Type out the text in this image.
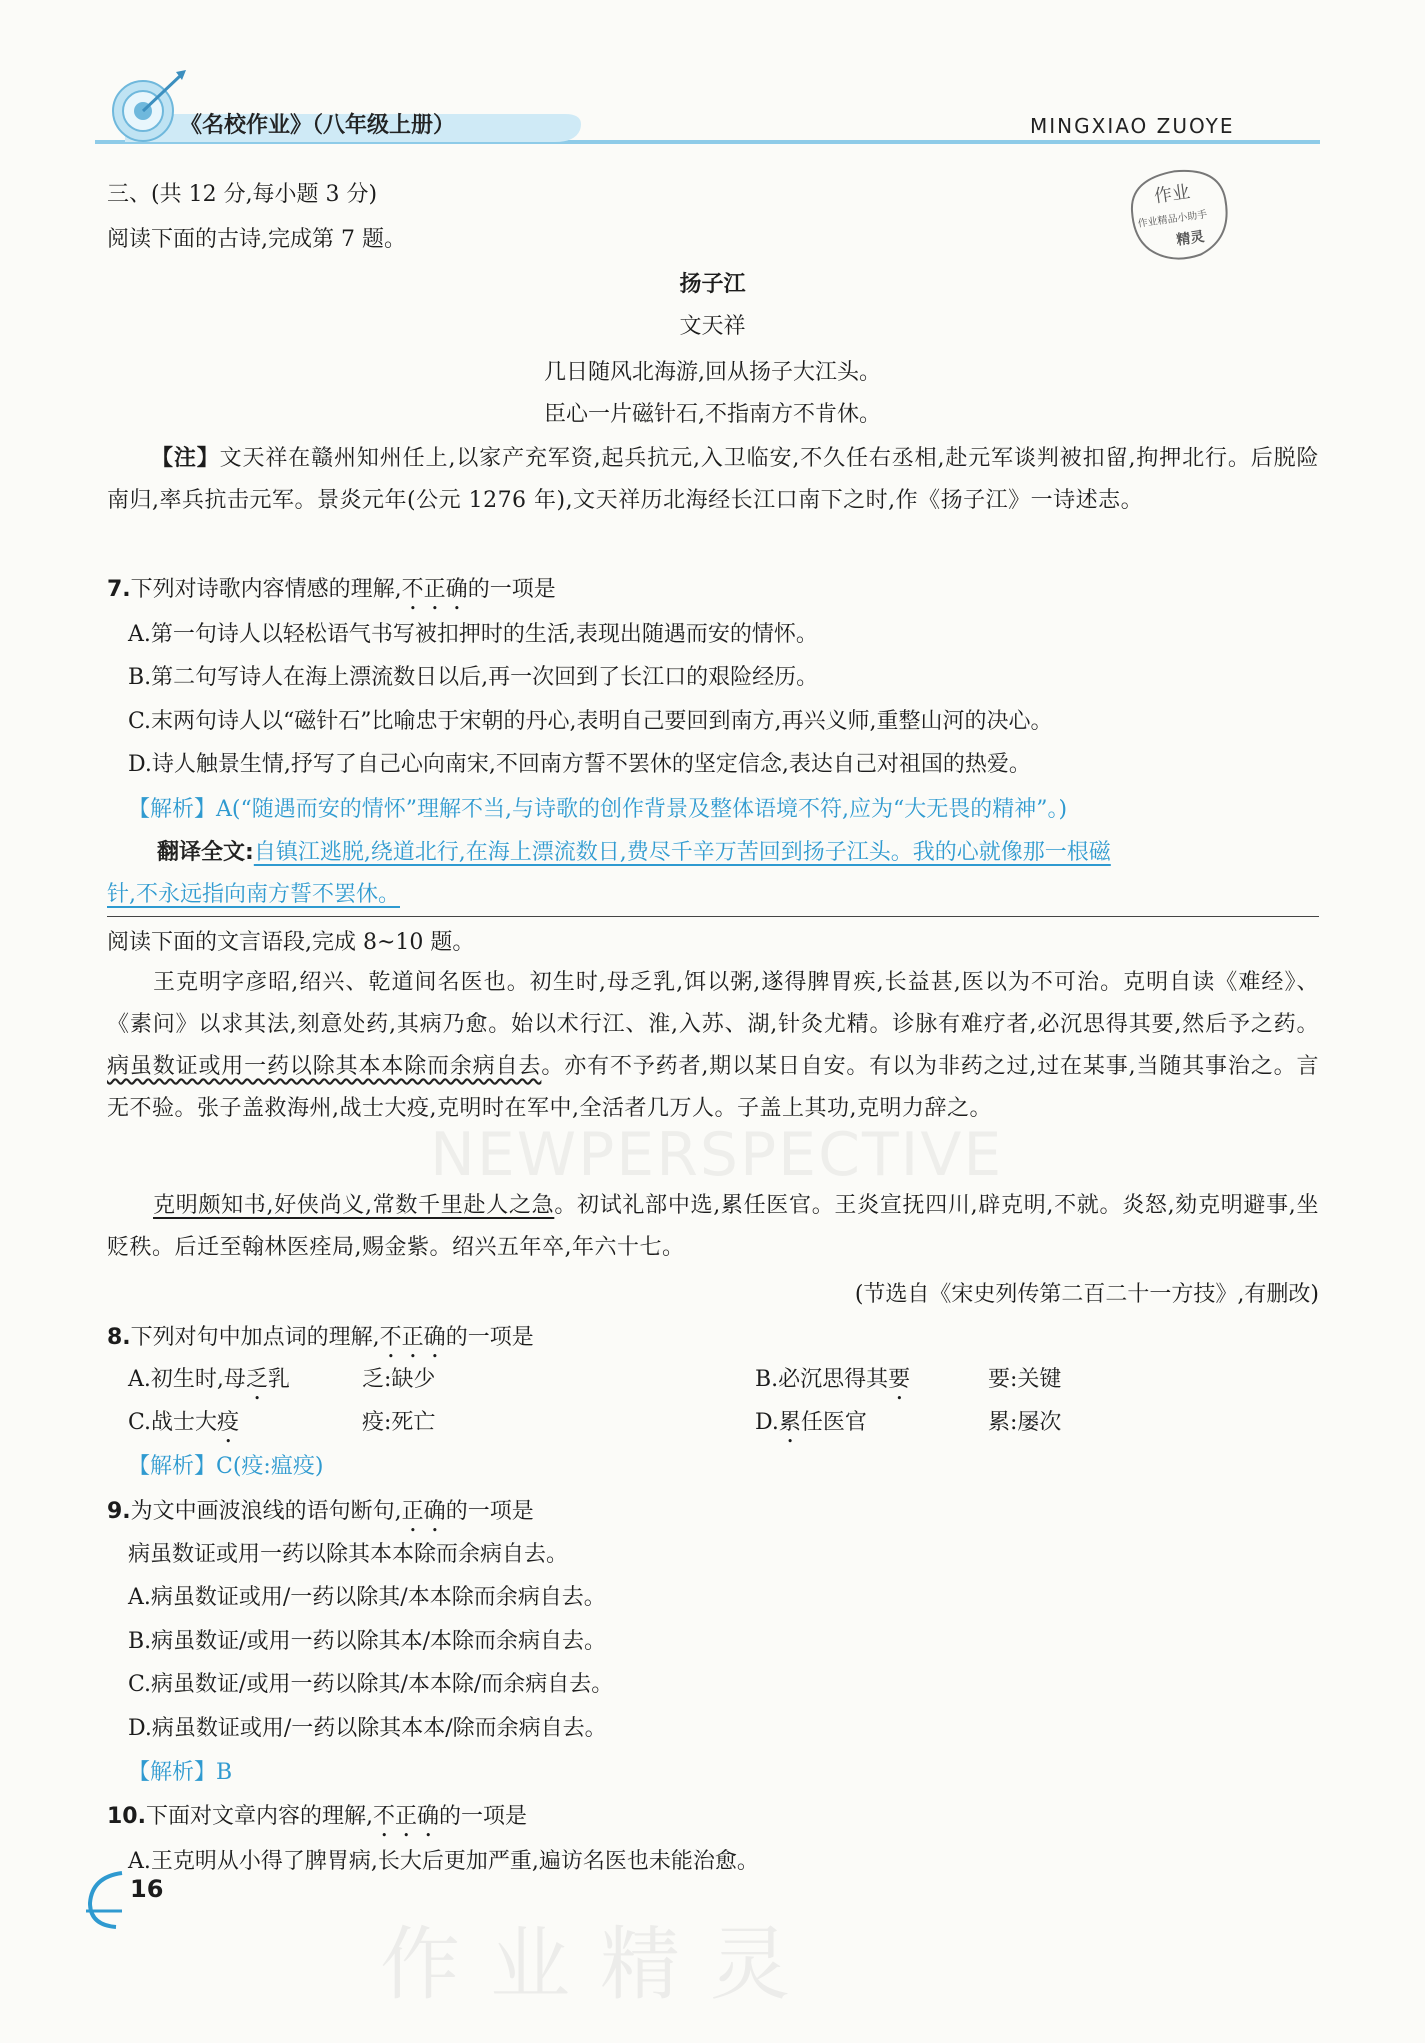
《名校作业》（八年级上册）	MINGXIAO ZUOYE
作业
作业精品小助手
精灵
NEWPERSPECTIVE
作业精灵
三、(共 12 分,每小题 3 分)
阅读下面的古诗,完成第 7 题。
扬子江
文天祥
几日随风北海游,回从扬子大江头。
臣心一片磁针石,不指南方不肯休。
【注】文天祥在赣州知州任上,以家产充军资,起兵抗元,入卫临安,不久任右丞相,赴元军谈判被扣留,拘押北行。后脱险南归,率兵抗击元军。景炎元年(公元 1276 年),文天祥历北海经长江口南下之时,作《扬子江》一诗述志。
7.下列对诗歌内容情感的理解,不正确的一项是
A.第一句诗人以轻松语气书写被扣押时的生活,表现出随遇而安的情怀。
B.第二句写诗人在海上漂流数日以后,再一次回到了长江口的艰险经历。
C.末两句诗人以“磁针石”比喻忠于宋朝的丹心,表明自己要回到南方,再兴义师,重整山河的决心。
D.诗人触景生情,抒写了自己心向南宋,不回南方誓不罢休的坚定信念,表达自己对祖国的热爱。
【解析】A(“随遇而安的情怀”理解不当,与诗歌的创作背景及整体语境不符,应为“大无畏的精神”。)
翻译全文:自镇江逃脱,绕道北行,在海上漂流数日,费尽千辛万苦回到扬子江头。我的心就像那一根磁
针,不永远指向南方誓不罢休。
阅读下面的文言语段,完成 8~10 题。
王克明字彦昭,绍兴、乾道间名医也。初生时,母乏乳,饵以粥,遂得脾胃疾,长益甚,医以为不可治。克明自读《难经》、《素问》以求其法,刻意处药,其病乃愈。始以术行江、淮,入苏、湖,针灸尤精。诊脉有难疗者,必沉思得其要,然后予之药。病虽数证或用一药以除其本本除而余病自去。亦有不予药者,期以某日自安。有以为非药之过,过在某事,当随其事治之。言无不验。张子盖救海州,战士大疫,克明时在军中,全活者几万人。子盖上其功,克明力辞之。
克明颇知书,好侠尚义,常数千里赴人之急。初试礼部中选,累任医官。王炎宣抚四川,辟克明,不就。炎怒,劾克明避事,坐贬秩。后迁至翰林医痊局,赐金紫。绍兴五年卒,年六十七。
(节选自《宋史列传第二百二十一方技》,有删改)
8.下列对句中加点词的理解,不正确的一项是
A.初生时,母乏乳	乏:缺少	B.必沉思得其要	要:关键
C.战士大疫	疫:死亡	D.累任医官	累:屡次
【解析】C(疫:瘟疫)
9.为文中画波浪线的语句断句,正确的一项是
病虽数证或用一药以除其本本除而余病自去。
A.病虽数证或用/一药以除其/本本除而余病自去。
B.病虽数证/或用一药以除其本/本除而余病自去。
C.病虽数证/或用一药以除其/本本除/而余病自去。
D.病虽数证或用/一药以除其本本/除而余病自去。
【解析】B
10.下面对文章内容的理解,不正确的一项是
A.王克明从小得了脾胃病,长大后更加严重,遍访名医也未能治愈。
16
